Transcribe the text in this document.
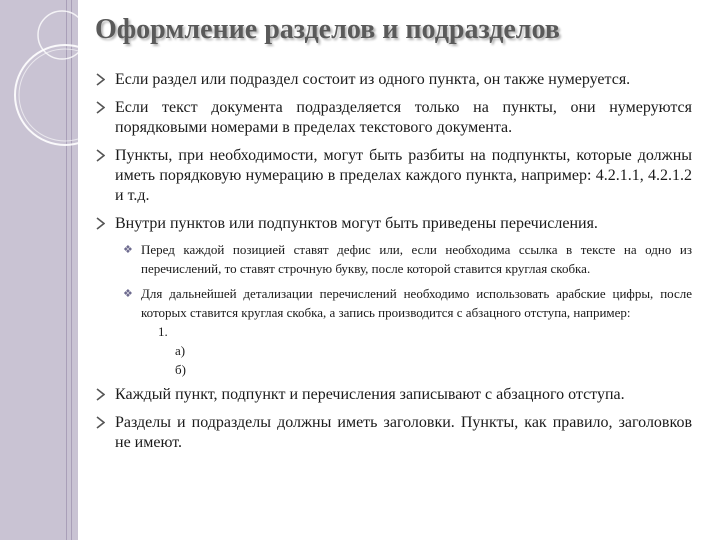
Оформление разделов и подразделов
Если раздел или подраздел состоит из одного пункта, он также нумеруется.
Если текст документа подразделяется только на пункты, они нумеруются порядковыми номерами в пределах текстового документа.
Пункты, при необходимости, могут быть разбиты на подпункты, которые должны иметь порядковую нумерацию в пределах каждого пункта, например: 4.2.1.1, 4.2.1.2 и т.д.
Внутри пунктов или подпунктов могут быть приведены перечисления.
❖ Перед каждой позицией ставят дефис или, если необходима ссылка в тексте на одно из перечислений, то ставят строчную букву, после которой ставится круглая скобка.
❖ Для дальнейшей детализации перечислений необходимо использовать арабские цифры, после которых ставится круглая скобка, а запись производится с абзацного отступа, например:
1.
а)
б)
Каждый пункт, подпункт и перечисления записывают с абзацного отступа.
Разделы и подразделы должны иметь заголовки. Пункты, как правило, заголовков не имеют.
